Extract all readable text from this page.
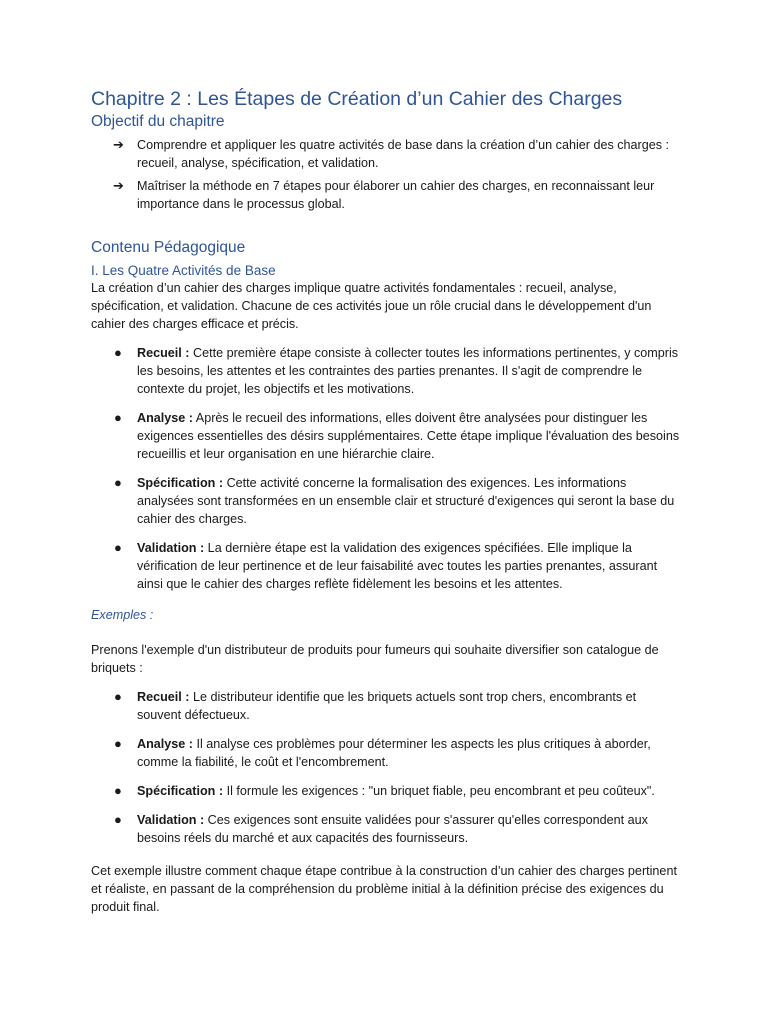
Chapitre 2 : Les Étapes de Création d’un Cahier des Charges
Objectif du chapitre
➔ Comprendre et appliquer les quatre activités de base dans la création d’un cahier des charges : recueil, analyse, spécification, et validation.
➔ Maîtriser la méthode en 7 étapes pour élaborer un cahier des charges, en reconnaissant leur importance dans le processus global.
Contenu Pédagogique
I. Les Quatre Activités de Base

La création d’un cahier des charges implique quatre activités fondamentales : recueil, analyse, spécification, et validation. Chacune de ces activités joue un rôle crucial dans le développement d'un cahier des charges efficace et précis.

● Recueil : Cette première étape consiste à collecter toutes les informations pertinentes, y compris les besoins, les attentes et les contraintes des parties prenantes. Il s'agit de comprendre le contexte du projet, les objectifs et les motivations.
● Analyse : Après le recueil des informations, elles doivent être analysées pour distinguer les exigences essentielles des désirs supplémentaires. Cette étape implique l'évaluation des besoins recueillis et leur organisation en une hiérarchie claire.
● Spécification : Cette activité concerne la formalisation des exigences. Les informations analysées sont transformées en un ensemble clair et structuré d'exigences qui seront la base du cahier des charges.
● Validation : La dernière étape est la validation des exigences spécifiées. Elle implique la vérification de leur pertinence et de leur faisabilité avec toutes les parties prenantes, assurant ainsi que le cahier des charges reflète fidèlement les besoins et les attentes.

Exemples :

Prenons l'exemple d'un distributeur de produits pour fumeurs qui souhaite diversifier son catalogue de briquets :

● Recueil : Le distributeur identifie que les briquets actuels sont trop chers, encombrants et souvent défectueux.
● Analyse : Il analyse ces problèmes pour déterminer les aspects les plus critiques à aborder, comme la fiabilité, le coût et l'encombrement.
● Spécification : Il formule les exigences : "un briquet fiable, peu encombrant et peu coûteux".
● Validation : Ces exigences sont ensuite validées pour s'assurer qu'elles correspondent aux besoins réels du marché et aux capacités des fournisseurs.

Cet exemple illustre comment chaque étape contribue à la construction d’un cahier des charges pertinent et réaliste, en passant de la compréhension du problème initial à la définition précise des exigences du produit final.
